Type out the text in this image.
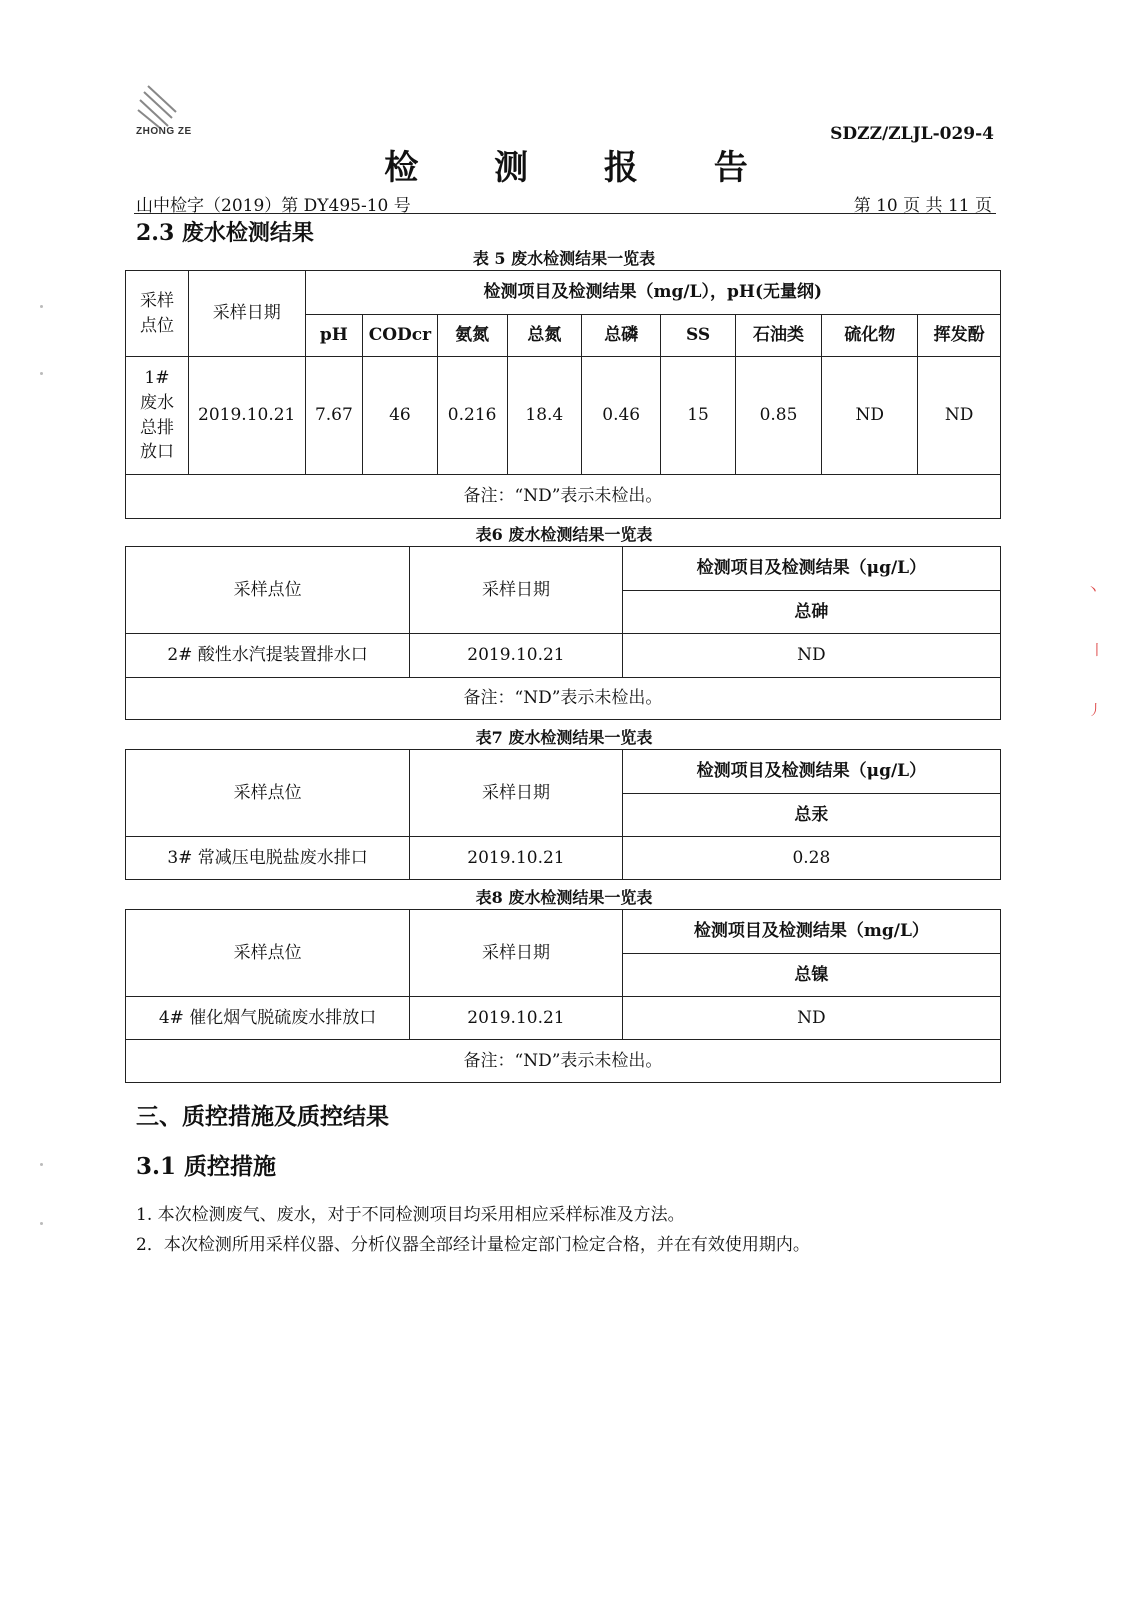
ZHONG ZE	SDZZ/ZLJL-029-4
检 测 报 告
山中检字（2019）第 DY495-10 号	第 10 页 共 11 页
2.3 废水检测结果
表 5 废水检测结果一览表
采样点位	采样日期	检测项目及检测结果（mg/L），pH(无量纲)								
		pH	CODcr	氨氮	总氮	总磷	SS	石油类	硫化物	挥发酚
1#废水总排放口	2019.10.21	7.67	46	0.216	18.4	0.46	15	0.85	ND	ND
备注：“ND”表示未检出。										
表6 废水检测结果一览表
采样点位	采样日期	检测项目及检测结果（μg/L）
		总砷
2# 酸性水汽提装置排水口	2019.10.21	ND
备注：“ND”表示未检出。		
表7 废水检测结果一览表
采样点位	采样日期	检测项目及检测结果（μg/L）
		总汞
3# 常减压电脱盐废水排口	2019.10.21	0.28
表8 废水检测结果一览表
采样点位	采样日期	检测项目及检测结果（mg/L）
		总镍
4# 催化烟气脱硫废水排放口	2019.10.21	ND
备注：“ND”表示未检出。		
三、质控措施及质控结果
3.1 质控措施
1. 本次检测废气、废水，对于不同检测项目均采用相应采样标准及方法。
2．本次检测所用采样仪器、分析仪器全部经计量检定部门检定合格，并在有效使用期内。
丶
丨
丿
